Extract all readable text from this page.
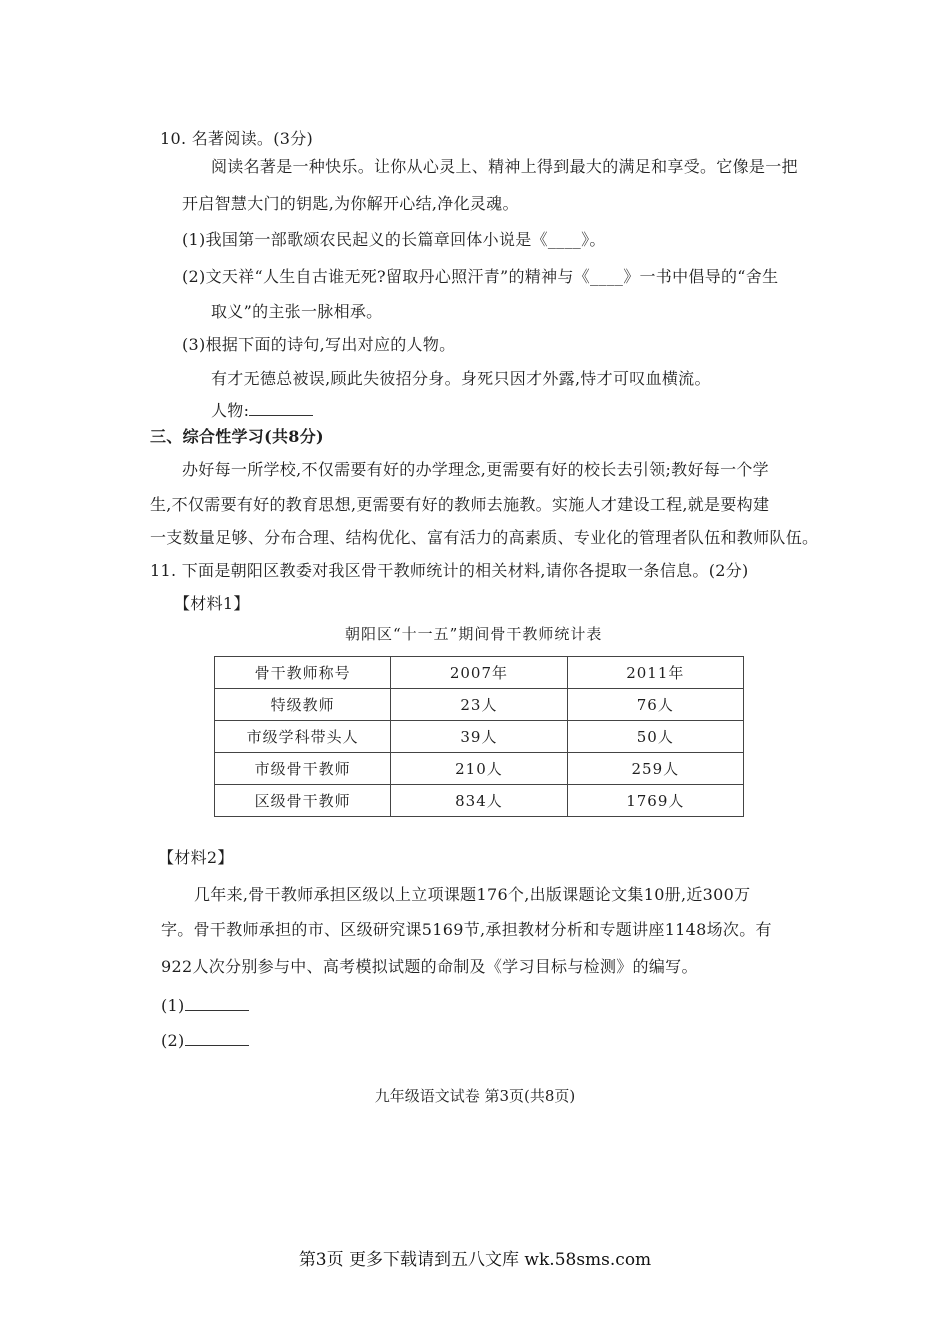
10. 名著阅读。(3分)
阅读名著是一种快乐。让你从心灵上、精神上得到最大的满足和享受。它像是一把
开启智慧大门的钥匙,为你解开心结,净化灵魂。
(1)我国第一部歌颂农民起义的长篇章回体小说是《____》。
(2)文天祥“人生自古谁无死?留取丹心照汗青”的精神与《____》一书中倡导的“舍生
取义”的主张一脉相承。
(3)根据下面的诗句,写出对应的人物。
有才无德总被误,顾此失彼招分身。身死只因才外露,恃才可叹血横流。
人物:
三、综合性学习(共8分)
办好每一所学校,不仅需要有好的办学理念,更需要有好的校长去引领;教好每一个学
生,不仅需要有好的教育思想,更需要有好的教师去施教。实施人才建设工程,就是要构建
一支数量足够、分布合理、结构优化、富有活力的高素质、专业化的管理者队伍和教师队伍。
11. 下面是朝阳区教委对我区骨干教师统计的相关材料,请你各提取一条信息。(2分)
【材料1】
朝阳区“十一五”期间骨干教师统计表
骨干教师称号	2007年	2011年
特级教师	23人	76人
市级学科带头人	39人	50人
市级骨干教师	210人	259人
区级骨干教师	834人	1769人
【材料2】
几年来,骨干教师承担区级以上立项课题176个,出版课题论文集10册,近300万
字。骨干教师承担的市、区级研究课5169节,承担教材分析和专题讲座1148场次。有
922人次分别参与中、高考模拟试题的命制及《学习目标与检测》的编写。
(1)
(2)
九年级语文试卷 第3页(共8页)
第3页 更多下载请到五八文库 wk.58sms.com
